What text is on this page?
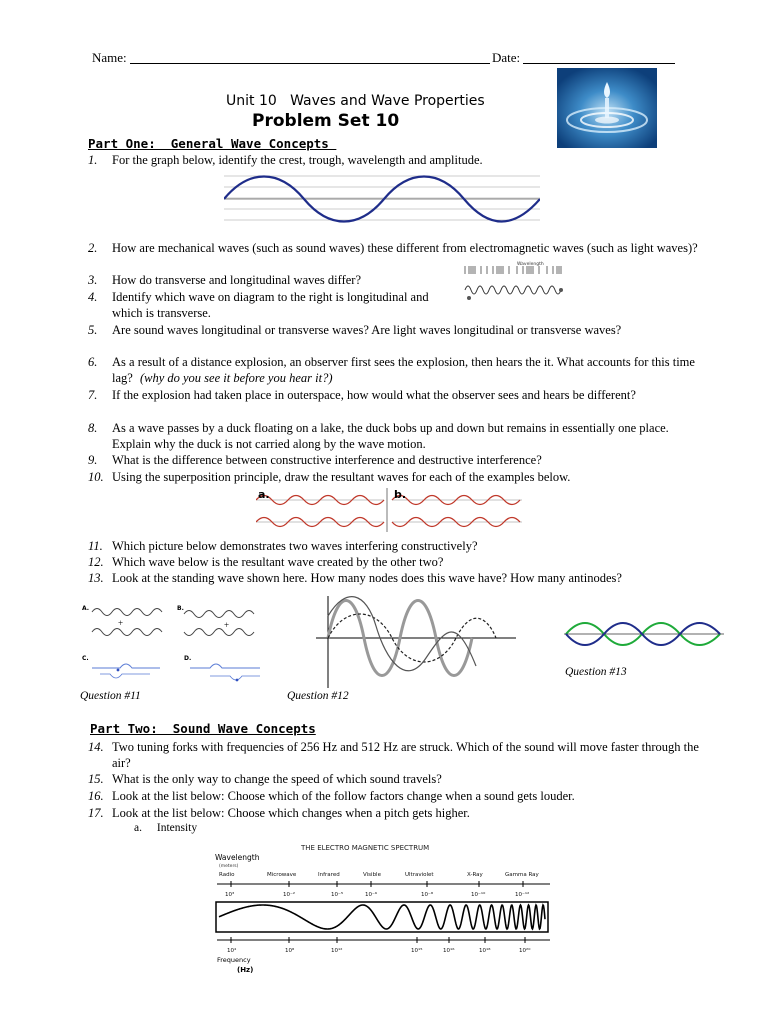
Name:	Date:
Unit 10   Waves and Wave Properties
Problem Set 10
Part One:  General Wave Concepts
1. For the graph below, identify the crest, trough, wavelength and amplitude.
2. How are mechanical waves (such as sound waves) these different from electromagnetic waves (such as light waves)?
3. How do transverse and longitudinal waves differ?
4. Identify which wave on diagram to the right is longitudinal and which is transverse.
Wavelength
5. Are sound waves longitudinal or transverse waves? Are light waves longitudinal or transverse waves?
6. As a result of a distance explosion, an observer first sees the explosion, then hears the it. What accounts for this time lag? (why do you see it before you hear it?)
7. If the explosion had taken place in outerspace, how would what the observer sees and hears be different?
8. As a wave passes by a duck floating on a lake, the duck bobs up and down but remains in essentially one place. Explain why the duck is not carried along by the wave motion.
9. What is the difference between constructive interference and destructive interference?
10. Using the superposition principle, draw the resultant waves for each of the examples below.
a.	b.
11. Which picture below demonstrates two waves interfering constructively?
12. Which wave below is the resultant wave created by the other two?
13. Look at the standing wave shown here. How many nodes does this wave have? How many antinodes?
A.	B.
C.	D.
+	+
Question #11	Question #12
Question #13
Part Two:  Sound Wave Concepts
14. Two tuning forks with frequencies of 256 Hz and 512 Hz are struck. Which of the sound will move faster through the air?
15. What is the only way to change the speed of which sound travels?
16. Look at the list below: Choose which of the follow factors change when a sound gets louder.
17. Look at the list below: Choose which changes when a pitch gets higher.
a. Intensity
THE ELECTRO MAGNETIC SPECTRUM
Wavelength
(meters)
Radio	Microwave	Infrared	Visible	Ultraviolet	X-Ray	Gamma Ray
10³	10⁻²	10⁻⁵	10⁻⁶	10⁻⁸	10⁻¹⁰	10⁻¹²
10⁴	10⁸	10¹²	10¹⁵	10¹⁶	10¹⁸	10²⁰
Frequency
(Hz)
